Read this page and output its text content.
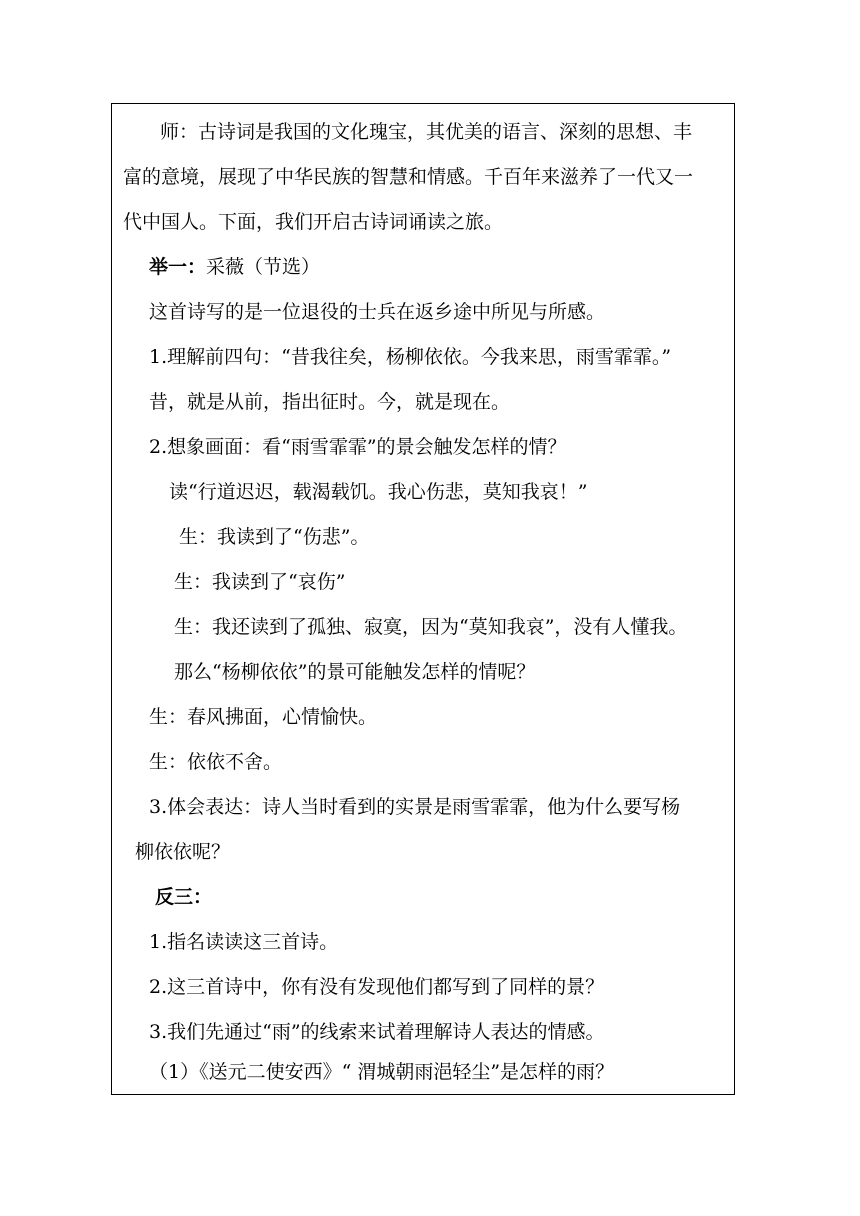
师：古诗词是我国的文化瑰宝，其优美的语言、深刻的思想、丰
富的意境，展现了中华民族的智慧和情感。千百年来滋养了一代又一
代中国人。下面，我们开启古诗词诵读之旅。
举一：采薇（节选）
这首诗写的是一位退役的士兵在返乡途中所见与所感。
1.理解前四句：“昔我往矣，杨柳依依。今我来思，雨雪霏霏。”
昔，就是从前，指出征时。今，就是现在。
2.想象画面：看“雨雪霏霏”的景会触发怎样的情？
读“行道迟迟，载渴载饥。我心伤悲，莫知我哀！”
生：我读到了“伤悲”。
生：我读到了“哀伤”
生：我还读到了孤独、寂寞，因为“莫知我哀”，没有人懂我。
那么“杨柳依依”的景可能触发怎样的情呢？
生：春风拂面，心情愉快。
生：依依不舍。
3.体会表达：诗人当时看到的实景是雨雪霏霏，他为什么要写杨
柳依依呢？
反三：
1.指名读读这三首诗。
2.这三首诗中，你有没有发现他们都写到了同样的景？
3.我们先通过“雨”的线索来试着理解诗人表达的情感。
（1）《送元二使安西》“ 渭城朝雨浥轻尘”是怎样的雨？
